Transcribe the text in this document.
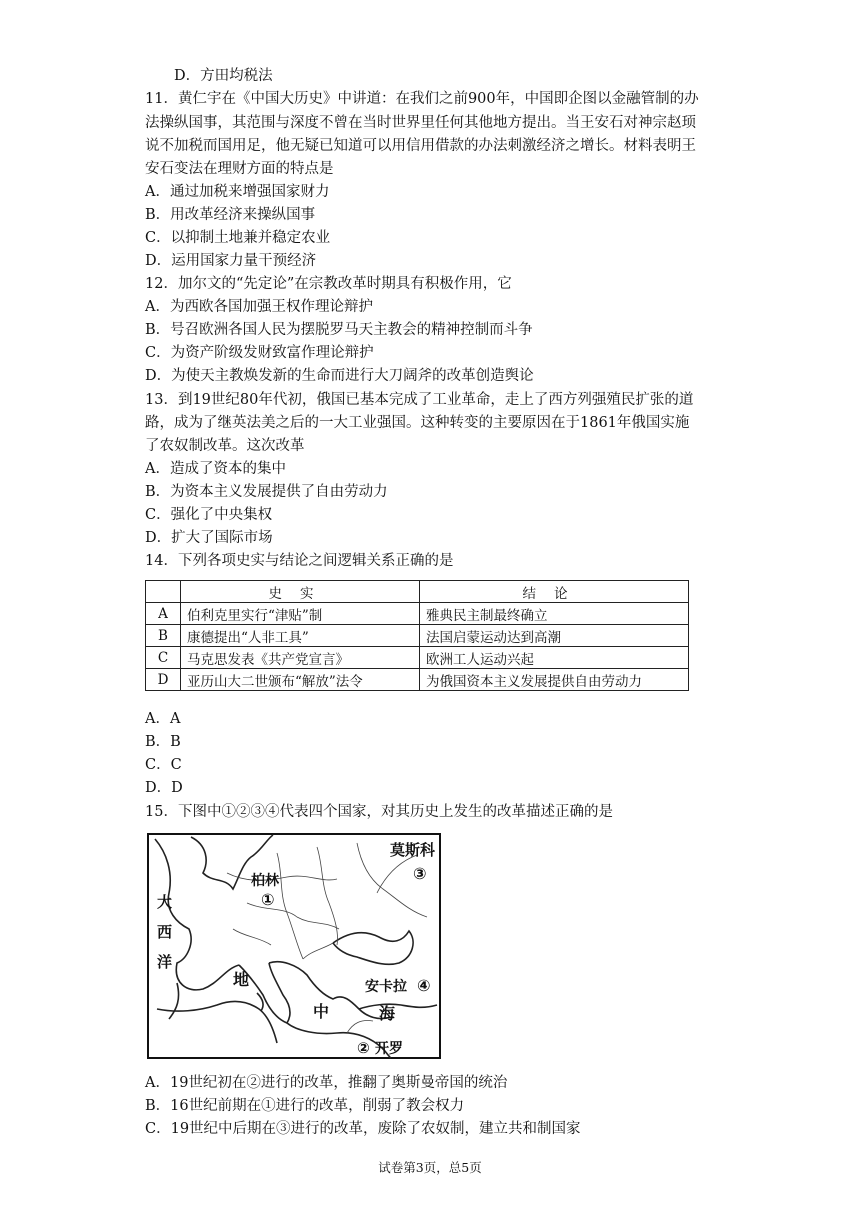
D．方田均税法
11．黄仁宇在《中国大历史》中讲道：在我们之前900年，中国即企图以金融管制的办
法操纵国事，其范围与深度不曾在当时世界里任何其他地方提出。当王安石对神宗赵顼
说不加税而国用足，他无疑已知道可以用信用借款的办法刺激经济之增长。材料表明王
安石变法在理财方面的特点是
A．通过加税来增强国家财力
B．用改革经济来操纵国事
C．以抑制土地兼并稳定农业
D．运用国家力量干预经济
12．加尔文的“先定论”在宗教改革时期具有积极作用，它
A．为西欧各国加强王权作理论辩护
B．号召欧洲各国人民为摆脱罗马天主教会的精神控制而斗争
C．为资产阶级发财致富作理论辩护
D．为使天主教焕发新的生命而进行大刀阔斧的改革创造舆论
13．到19世纪80年代初，俄国已基本完成了工业革命，走上了西方列强殖民扩张的道
路，成为了继英法美之后的一大工业强国。这种转变的主要原因在于1861年俄国实施
了农奴制改革。这次改革
A．造成了资本的集中
B．为资本主义发展提供了自由劳动力
C．强化了中央集权
D．扩大了国际市场
14．下列各项史实与结论之间逻辑关系正确的是
	史实	结论
A	伯利克里实行“津贴”制	雅典民主制最终确立
B	康德提出“人非工具”	法国启蒙运动达到高潮
C	马克思发表《共产党宣言》	欧洲工人运动兴起
D	亚历山大二世颁布“解放”法令	为俄国资本主义发展提供自由劳动力
A．A
B．B
C．C
D．D
15．下图中①②③④代表四个国家，对其历史上发生的改革描述正确的是
莫斯科
③
柏林
①
大
西
洋
地	安卡拉 ④
中	海
② 开罗
A．19世纪初在②进行的改革，推翻了奥斯曼帝国的统治
B．16世纪前期在①进行的改革，削弱了教会权力
C．19世纪中后期在③进行的改革，废除了农奴制，建立共和制国家
试卷第3页，总5页
